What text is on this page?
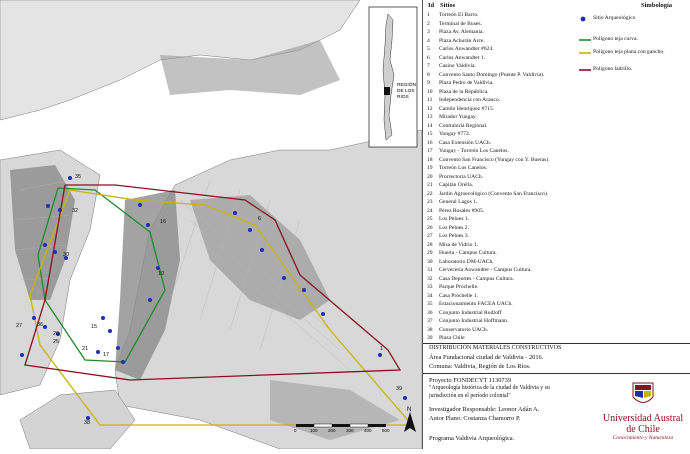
6
10
15
16
17
21
25
26
27
30
32
35
36
38
39
1
REGIÓN
DE LOS
RÍOS
0	100 200 300 400 500
N
Id Sitios	Simbología
1 Torreón El Barro.
2 Terminal de Buses.
3 Plaza Av. Alemania.
4 Plaza Achurán Arce.
5 Carlos Anwandter #624.
6 Carlos Anwandter 1.
7 Casino Valdivia.
8 Convento Santo Domingo (Puente P. Valdivia).
9 Plaza Pedro de Valdivia.
10 Plaza de la República.
11 Independencia con Arauco.
12 Camilo Henríquez #715.
13 Mirador Yungay.
14 Contraloría Regional.
15 Yungay #773.
16 Casa Extensión UACh.
17 Yungay - Torreón Los Canelos.
18 Convento San Francisco (Yungay con Y. Bueras).
19 Torreón Los Canelos.
20 Prorrectoría UACh.
21 Capitán Orella.
22 Jardín Agroecológico (Convento San Francisco).
23 General Lagos 1.
24 Pérez Rosales #905.
25 Los Pelues 1.
26 Los Pelues 2.
27 Los Pelues 3.
28 Misa de Vidrio 1.
29 Huerta - Campus Cultura.
30 Laboratorio DM-UACh.
31 Cervecería Anwandter - Campus Cultura.
32 Casa Deportes - Campus Cultura.
33 Parque Prochelle.
34 Casa Prochelle 1.
35 Estacionamiento FACEA UACh.
36 Conjunto Industrial Rudloff
37 Conjunto Industrial Hoffmann.
38 Conservatorio UACh.
39 Plaza Chile
Sitio Arqueológico
Polígono teja curva.
Polígono teja plana con gancho.
Polígono ladrillo.
DISTRIBUCIÓN MATERIALES CONSTRUCTIVOS
Área Fundacional ciudad de Valdivia - 2016.
Comuna: Valdivia, Región de Los Ríos.
Proyecto FONDECYT 1130739
"Arqueología histórica de la ciudad de Valdivia y su
jurisdicción en el período colonial"
Investigador Responsable: Leonor Adán A.
Autor Plano: Costanza Chamorro P.
Programa Valdivia Arqueológica.
Universidad Austral de Chile
Conocimiento y Naturaleza
